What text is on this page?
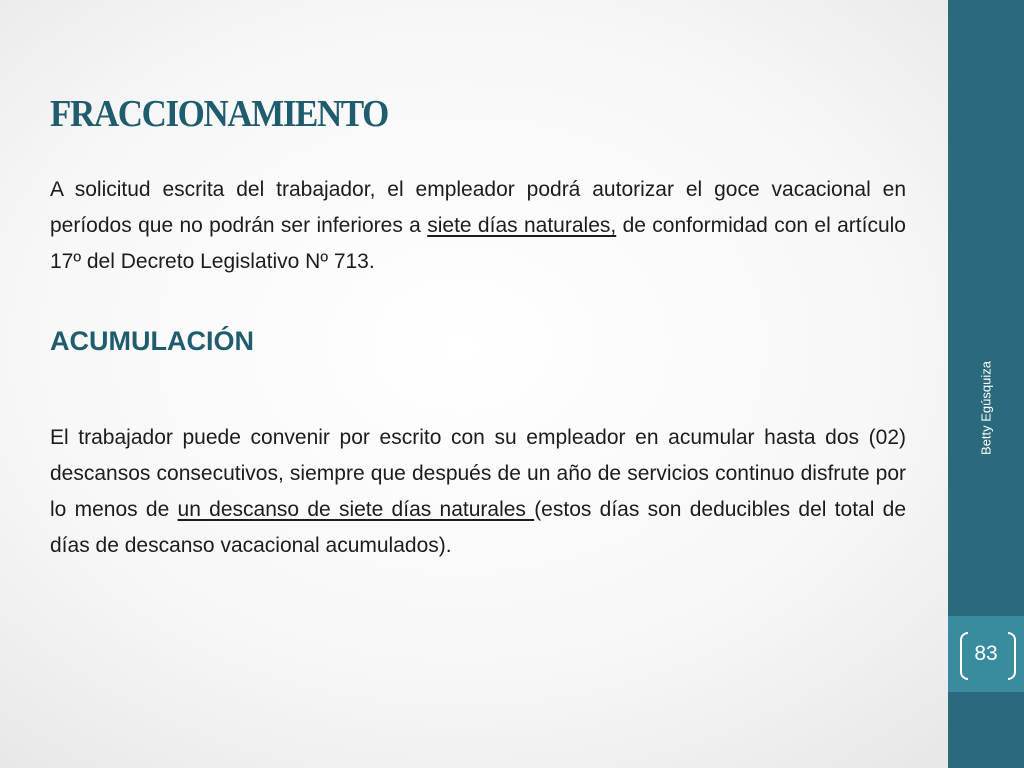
FRACCIONAMIENTO

A solicitud escrita del trabajador, el empleador podrá autorizar el goce vacacional en períodos que no podrán ser inferiores a siete días naturales, de conformidad con el artículo 17º del Decreto Legislativo Nº 713.

ACUMULACIÓN

El trabajador puede convenir por escrito con su empleador en acumular hasta dos (02) descansos consecutivos, siempre que después de un año de servicios continuo disfrute por lo menos de un descanso de siete días naturales (estos días son deducibles del total de días de descanso vacacional acumulados).

Betty Egúsquiza
83
